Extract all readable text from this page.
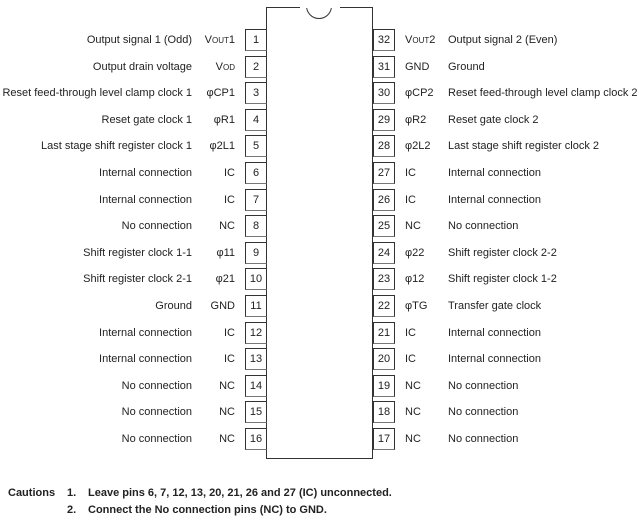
1
VOUT1
Output signal 1 (Odd)
2
VOD
Output drain voltage
3
φCP1
Reset feed-through level clamp clock 1
4
φR1
Reset gate clock 1
5
φ2L1
Last stage shift register clock 1
6
IC
Internal connection
7
IC
Internal connection
8
NC
No connection
9
φ11
Shift register clock 1-1
10
φ21
Shift register clock 2-1
11
GND
Ground
12
IC
Internal connection
13
IC
Internal connection
14
NC
No connection
15
NC
No connection
16
NC
No connection
32	VOUT2 Output signal 2 (Even)
31	GND Ground
30	φCP2 Reset feed-through level clamp clock 2
29	φR2 Reset gate clock 2
28	φ2L2 Last stage shift register clock 2
27	IC	Internal connection
26	IC	Internal connection
25	NC No connection
24	φ22 Shift register clock 2-2
23	φ12 Shift register clock 1-2
22	φTG Transfer gate clock
21	IC	Internal connection
20	IC	Internal connection
19	NC No connection
18	NC No connection
17	NC No connection
Cautions	1.	Leave pins 6, 7, 12, 13, 20, 21, 26 and 27 (IC) unconnected.
2.	Connect the No connection pins (NC) to GND.
